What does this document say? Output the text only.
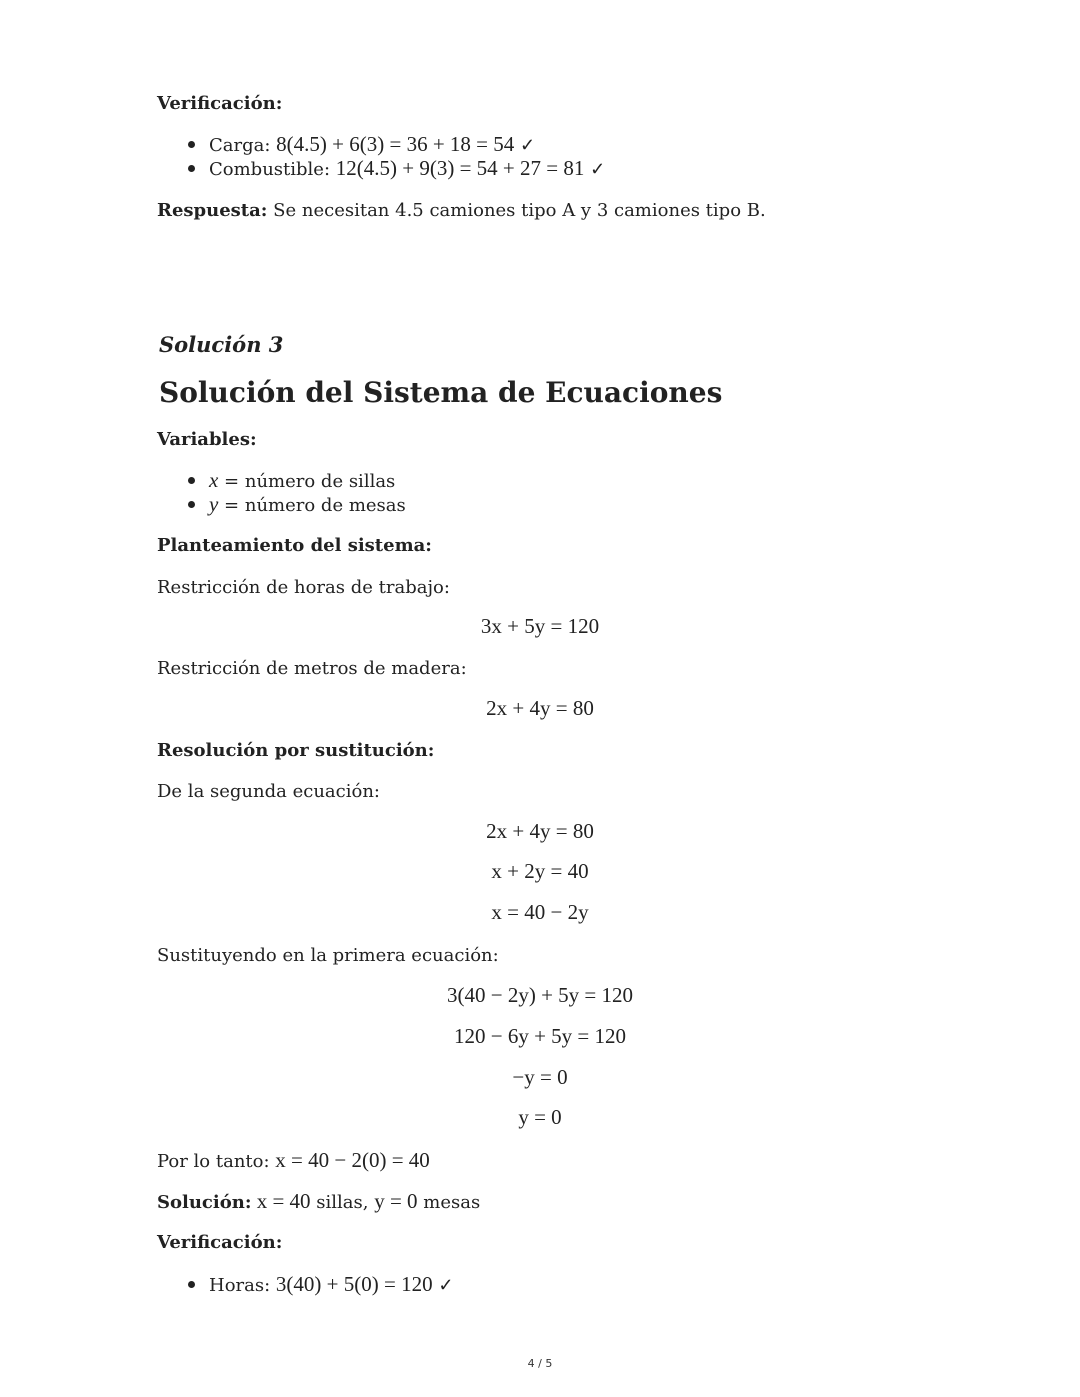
Verificación:
Carga: 8(4.5) + 6(3) = 36 + 18 = 54 ✓
Combustible: 12(4.5) + 9(3) = 54 + 27 = 81 ✓
Respuesta: Se necesitan 4.5 camiones tipo A y 3 camiones tipo B.
Solución 3
Solución del Sistema de Ecuaciones
Variables:
x = número de sillas
y = número de mesas
Planteamiento del sistema:
Restricción de horas de trabajo:
3x + 5y = 120
Restricción de metros de madera:
2x + 4y = 80
Resolución por sustitución:
De la segunda ecuación:
2x + 4y = 80
x + 2y = 40
x = 40 − 2y
Sustituyendo en la primera ecuación:
3(40 − 2y) + 5y = 120
120 − 6y + 5y = 120
−y = 0
y = 0
Por lo tanto: x = 40 − 2(0) = 40
Solución: x = 40 sillas, y = 0 mesas
Verificación:
Horas: 3(40) + 5(0) = 120 ✓
4 / 5
